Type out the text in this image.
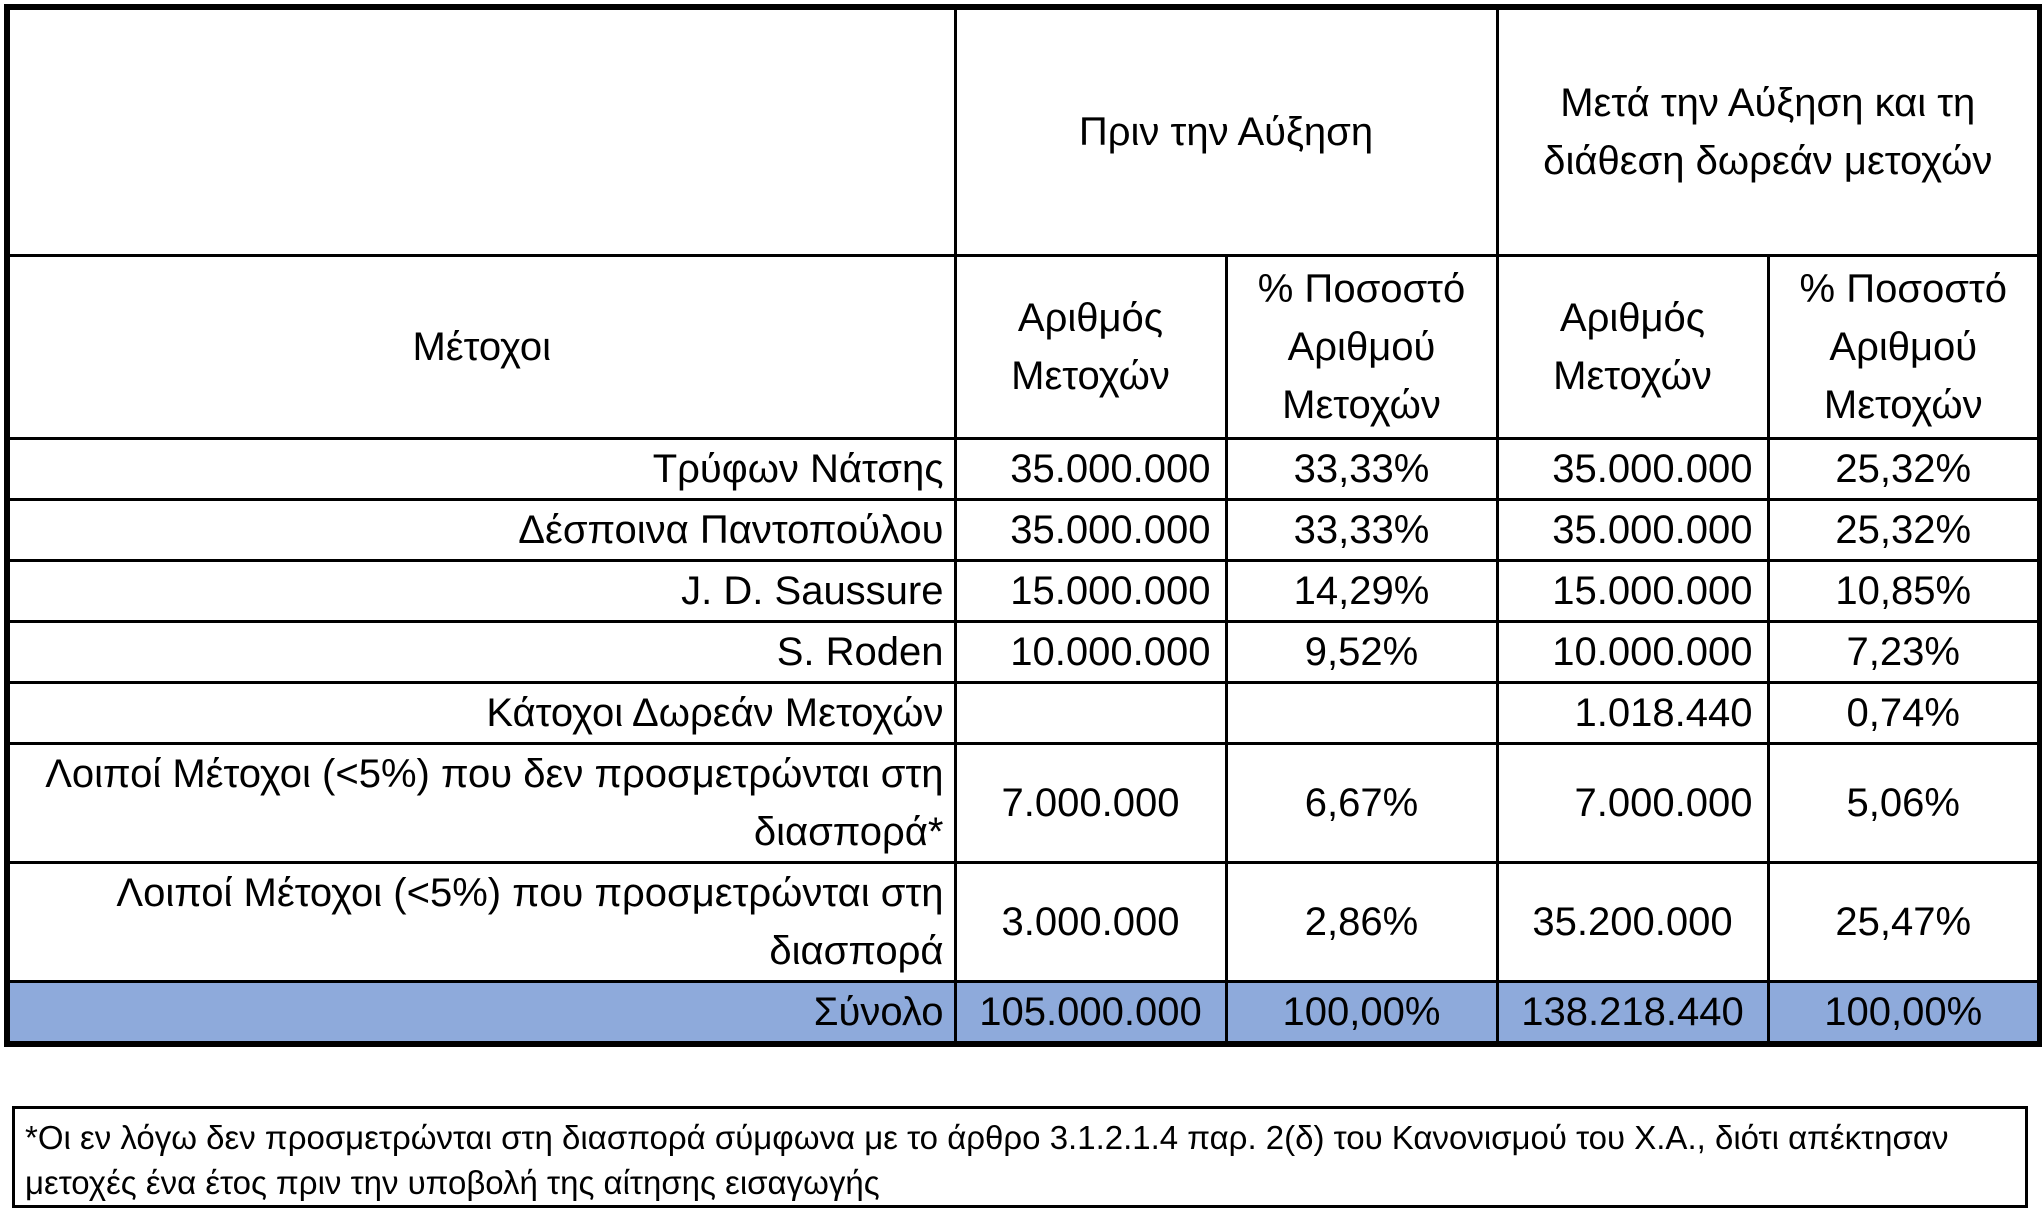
	Πριν την Αύξηση		Μετά την Αύξηση και τη διάθεση δωρεάν μετοχών	
Μέτοχοι	Αριθμός Μετοχών	% Ποσοστό Αριθμού Μετοχών	Αριθμός Μετοχών	% Ποσοστό Αριθμού Μετοχών
Τρύφων Νάτσης	35.000.000	33,33%	35.000.000	25,32%
Δέσποινα Παντοπούλου	35.000.000	33,33%	35.000.000	25,32%
J. D. Saussure	15.000.000	14,29%	15.000.000	10,85%
S. Roden	10.000.000	9,52%	10.000.000	7,23%
Κάτοχοι Δωρεάν Μετοχών			1.018.440	0,74%
Λοιποί Μέτοχοι (<5%) που δεν προσμετρώνται στη διασπορά*	7.000.000	6,67%	7.000.000	5,06%
Λοιποί Μέτοχοι (<5%) που προσμετρώνται στη διασπορά	3.000.000	2,86%	35.200.000	25,47%
Σύνολο	105.000.000	100,00%	138.218.440	100,00%
*Οι εν λόγω δεν προσμετρώνται στη διασπορά σύμφωνα με το άρθρο 3.1.2.1.4 παρ. 2(δ) του Κανονισμού του Χ.Α., διότι απέκτησαν μετοχές ένα έτος πριν την υποβολή της αίτησης εισαγωγής
